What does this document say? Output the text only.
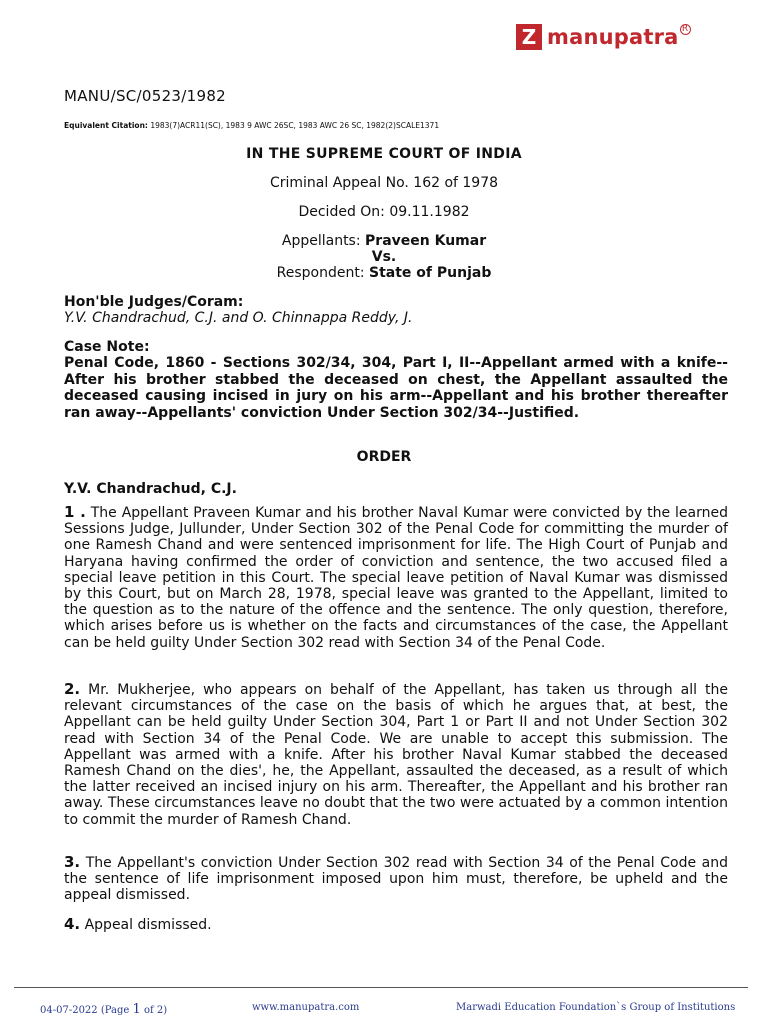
Z manupatra R
MANU/SC/0523/1982
Equivalent Citation: 1983(7)ACR11(SC), 1983 9 AWC 26SC, 1983 AWC 26 SC, 1982(2)SCALE1371
IN THE SUPREME COURT OF INDIA
Criminal Appeal No. 162 of 1978
Decided On: 09.11.1982
Appellants: Praveen Kumar
Vs.
Respondent: State of Punjab
Hon'ble Judges/Coram:
Y.V. Chandrachud, C.J. and O. Chinnappa Reddy, J.
Case Note:
Penal Code, 1860 - Sections 302/34, 304, Part I, II--Appellant armed with a knife--After his brother stabbed the deceased on chest, the Appellant assaulted the deceased causing incised in jury on his arm--Appellant and his brother thereafter ran away--Appellants' conviction Under Section 302/34--Justified.
ORDER
Y.V. Chandrachud, C.J.
1 . The Appellant Praveen Kumar and his brother Naval Kumar were convicted by the learned Sessions Judge, Jullunder, Under Section 302 of the Penal Code for committing the murder of one Ramesh Chand and were sentenced imprisonment for life. The High Court of Punjab and Haryana having confirmed the order of conviction and sentence, the two accused filed a special leave petition in this Court. The special leave petition of Naval Kumar was dismissed by this Court, but on March 28, 1978, special leave was granted to the Appellant, limited to the question as to the nature of the offence and the sentence. The only question, therefore, which arises before us is whether on the facts and circumstances of the case, the Appellant can be held guilty Under Section 302 read with Section 34 of the Penal Code.
2. Mr. Mukherjee, who appears on behalf of the Appellant, has taken us through all the relevant circumstances of the case on the basis of which he argues that, at best, the Appellant can be held guilty Under Section 304, Part 1 or Part II and not Under Section 302 read with Section 34 of the Penal Code. We are unable to accept this submission. The Appellant was armed with a knife. After his brother Naval Kumar stabbed the deceased Ramesh Chand on the dies', he, the Appellant, assaulted the deceased, as a result of which the latter received an incised injury on his arm. Thereafter, the Appellant and his brother ran away. These circumstances leave no doubt that the two were actuated by a common intention to commit the murder of Ramesh Chand.
3. The Appellant's conviction Under Section 302 read with Section 34 of the Penal Code and the sentence of life imprisonment imposed upon him must, therefore, be upheld and the appeal dismissed.
4. Appeal dismissed.
04-07-2022 (Page 1 of 2)	www.manupatra.com	Marwadi Education Foundation`s Group of Institutions
